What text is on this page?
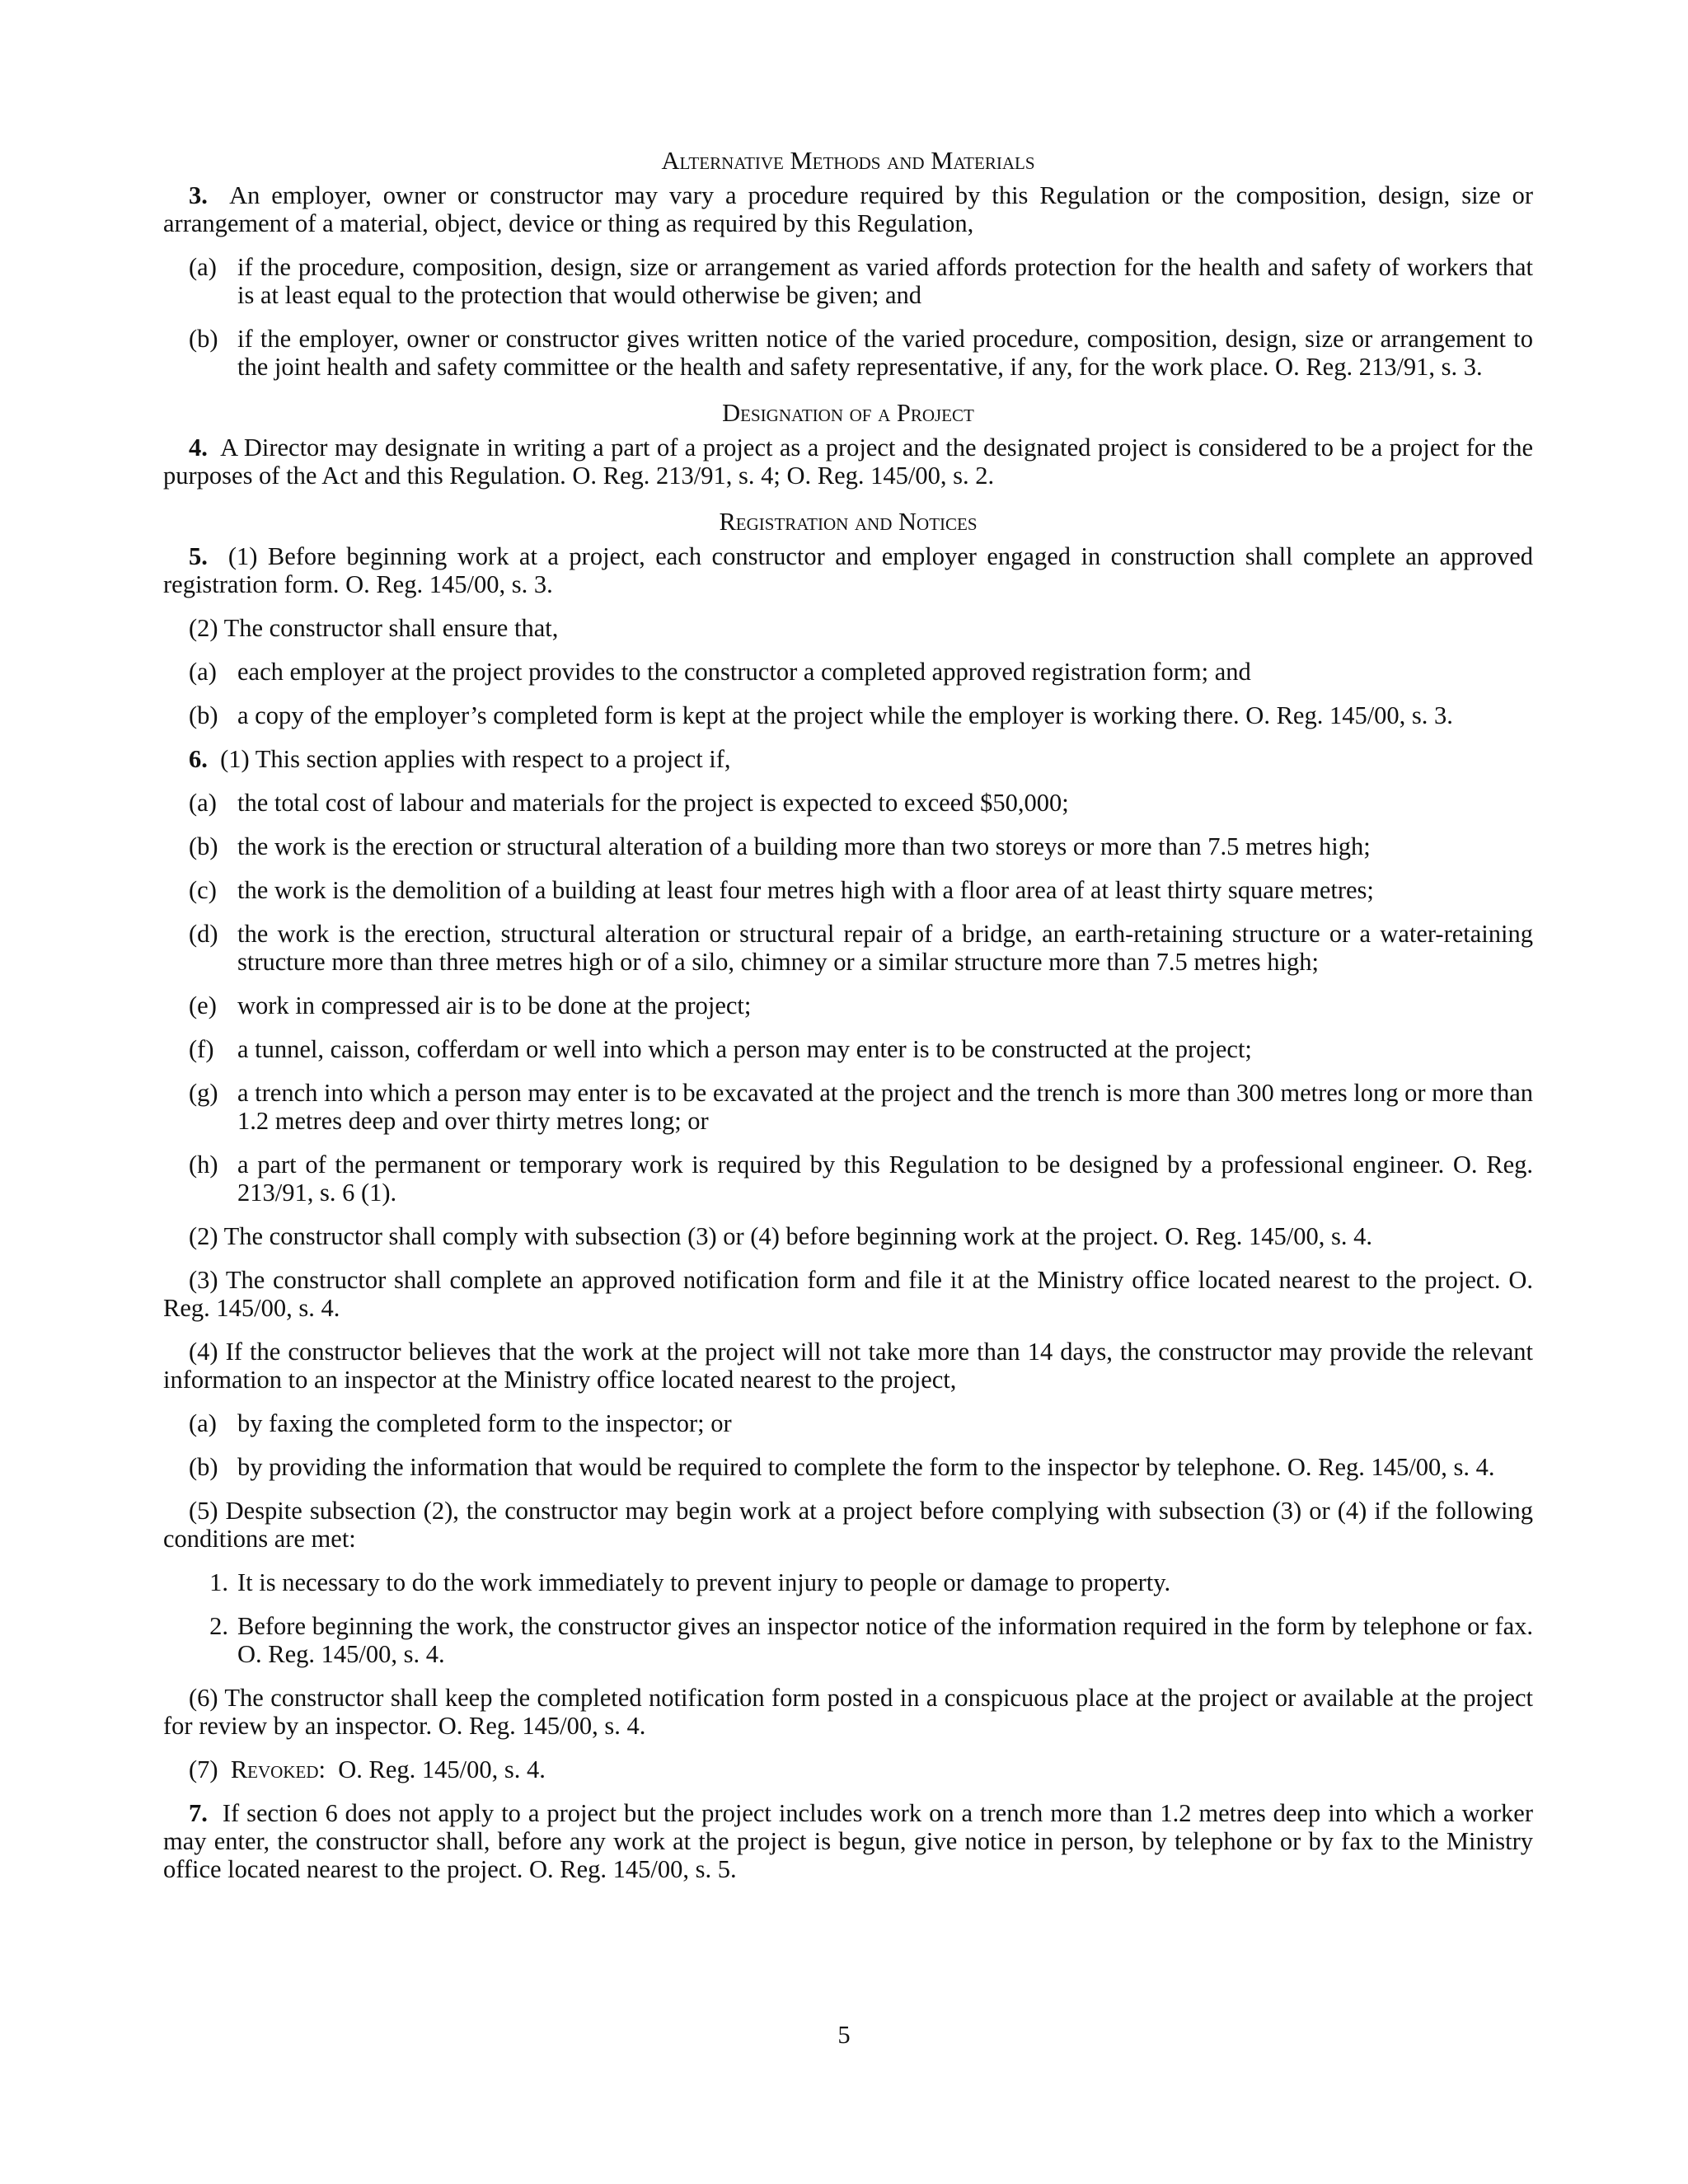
Alternative Methods and Materials

3. An employer, owner or constructor may vary a procedure required by this Regulation or the composition, design, size or arrangement of a material, object, device or thing as required by this Regulation,

(a) if the procedure, composition, design, size or arrangement as varied affords protection for the health and safety of workers that is at least equal to the protection that would otherwise be given; and
(b) if the employer, owner or constructor gives written notice of the varied procedure, composition, design, size or arrangement to the joint health and safety committee or the health and safety representative, if any, for the work place. O. Reg. 213/91, s. 3.
Designation of a Project

4. A Director may designate in writing a part of a project as a project and the designated project is considered to be a project for the purposes of the Act and this Regulation. O. Reg. 213/91, s. 4; O. Reg. 145/00, s. 2.

Registration and Notices

5. (1) Before beginning work at a project, each constructor and employer engaged in construction shall complete an approved registration form. O. Reg. 145/00, s. 3.

(2) The constructor shall ensure that,

(a) each employer at the project provides to the constructor a completed approved registration form; and
(b) a copy of the employer’s completed form is kept at the project while the employer is working there. O. Reg. 145/00, s. 3.

6. (1) This section applies with respect to a project if,

(a) the total cost of labour and materials for the project is expected to exceed $50,000;
(b) the work is the erection or structural alteration of a building more than two storeys or more than 7.5 metres high;
(c) the work is the demolition of a building at least four metres high with a floor area of at least thirty square metres;
(d) the work is the erection, structural alteration or structural repair of a bridge, an earth-retaining structure or a water-retaining structure more than three metres high or of a silo, chimney or a similar structure more than 7.5 metres high;
(e) work in compressed air is to be done at the project;
(f) a tunnel, caisson, cofferdam or well into which a person may enter is to be constructed at the project;
(g) a trench into which a person may enter is to be excavated at the project and the trench is more than 300 metres long or more than 1.2 metres deep and over thirty metres long; or
(h) a part of the permanent or temporary work is required by this Regulation to be designed by a professional engineer. O. Reg. 213/91, s. 6 (1).

(2) The constructor shall comply with subsection (3) or (4) before beginning work at the project. O. Reg. 145/00, s. 4.

(3) The constructor shall complete an approved notification form and file it at the Ministry office located nearest to the project. O. Reg. 145/00, s. 4.

(4) If the constructor believes that the work at the project will not take more than 14 days, the constructor may provide the relevant information to an inspector at the Ministry office located nearest to the project,

(a) by faxing the completed form to the inspector; or
(b) by providing the information that would be required to complete the form to the inspector by telephone. O. Reg. 145/00, s. 4.

(5) Despite subsection (2), the constructor may begin work at a project before complying with subsection (3) or (4) if the following conditions are met:

1. It is necessary to do the work immediately to prevent injury to people or damage to property.
2. Before beginning the work, the constructor gives an inspector notice of the information required in the form by telephone or fax. O. Reg. 145/00, s. 4.

(6) The constructor shall keep the completed notification form posted in a conspicuous place at the project or available at the project for review by an inspector. O. Reg. 145/00, s. 4.

(7) Revoked: O. Reg. 145/00, s. 4.

7. If section 6 does not apply to a project but the project includes work on a trench more than 1.2 metres deep into which a worker may enter, the constructor shall, before any work at the project is begun, give notice in person, by telephone or by fax to the Ministry office located nearest to the project. O. Reg. 145/00, s. 5.

5
